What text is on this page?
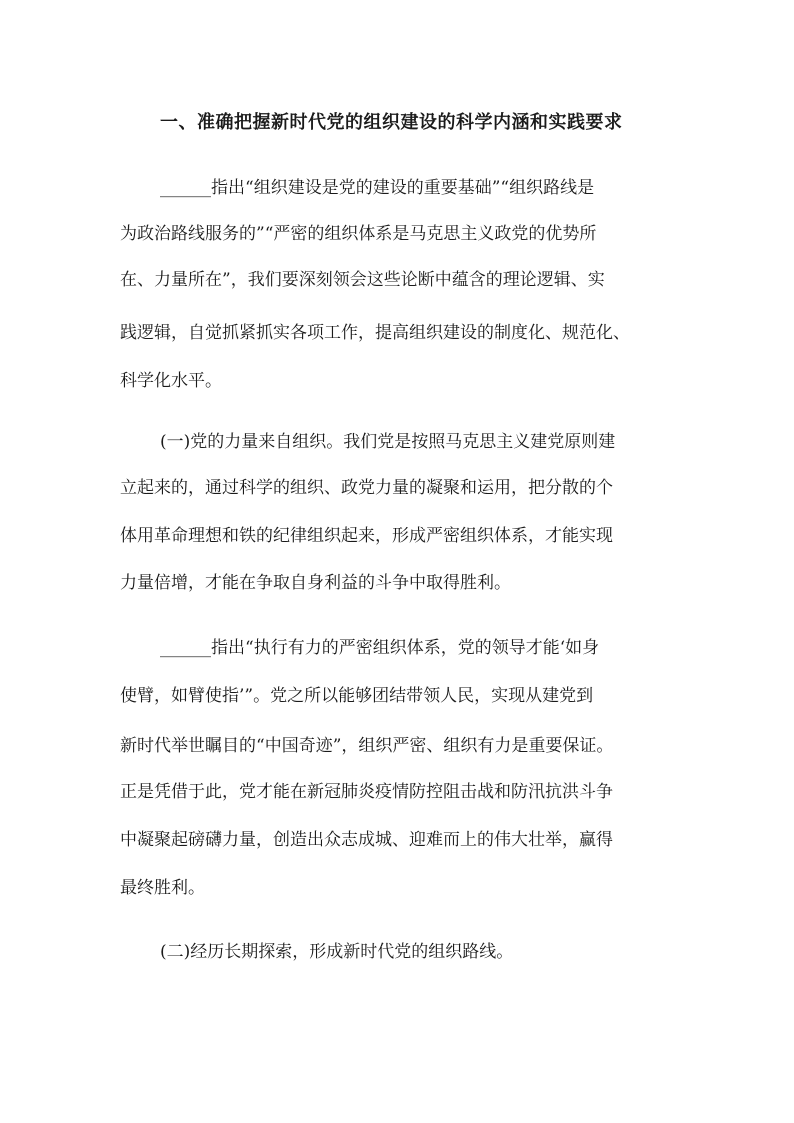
一、准确把握新时代党的组织建设的科学内涵和实践要求
______指出“组织建设是党的建设的重要基础”“组织路线是
为政治路线服务的”“严密的组织体系是马克思主义政党的优势所
在、力量所在”，我们要深刻领会这些论断中蕴含的理论逻辑、实
践逻辑，自觉抓紧抓实各项工作，提高组织建设的制度化、规范化、
科学化水平。
(一)党的力量来自组织。我们党是按照马克思主义建党原则建
立起来的，通过科学的组织、政党力量的凝聚和运用，把分散的个
体用革命理想和铁的纪律组织起来，形成严密组织体系，才能实现
力量倍增，才能在争取自身利益的斗争中取得胜利。
______指出“执行有力的严密组织体系，党的领导才能‘如身
使臂，如臂使指’”。党之所以能够团结带领人民，实现从建党到
新时代举世瞩目的“中国奇迹”，组织严密、组织有力是重要保证。
正是凭借于此，党才能在新冠肺炎疫情防控阻击战和防汛抗洪斗争
中凝聚起磅礴力量，创造出众志成城、迎难而上的伟大壮举，赢得
最终胜利。
(二)经历长期探索，形成新时代党的组织路线。
